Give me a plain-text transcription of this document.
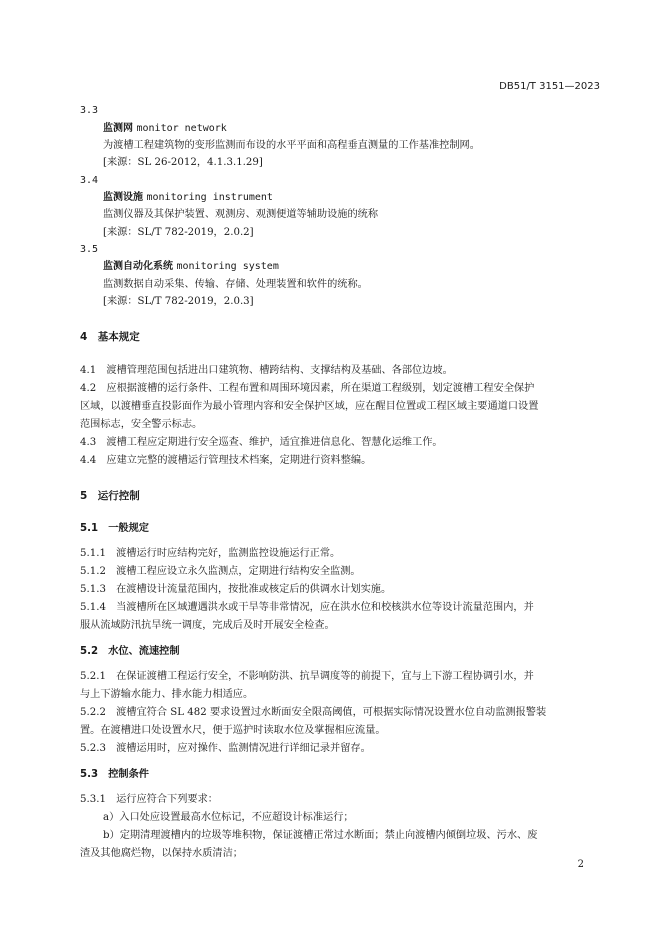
DB51/T 3151—2023
3.3
监测网 monitor network
为渡槽工程建筑物的变形监测而布设的水平平面和高程垂直测量的工作基准控制网。
[来源：SL 26-2012，4.1.3.1.29]
3.4
监测设施 monitoring instrument
监测仪器及其保护装置、观测房、观测便道等辅助设施的统称
[来源：SL/T 782-2019，2.0.2]
3.5
监测自动化系统 monitoring system
监测数据自动采集、传输、存储、处理装置和软件的统称。
[来源：SL/T 782-2019，2.0.3]
4　基本规定
4.1　渡槽管理范围包括进出口建筑物、槽跨结构、支撑结构及基础、各部位边坡。
4.2　应根据渡槽的运行条件、工程布置和周围环境因素，所在渠道工程级别，划定渡槽工程安全保护
区域，以渡槽垂直投影面作为最小管理内容和安全保护区域，应在醒目位置或工程区域主要通道口设置
范围标志，安全警示标志。
4.3　渡槽工程应定期进行安全巡查、维护，适宜推进信息化、智慧化运维工作。
4.4　应建立完整的渡槽运行管理技术档案，定期进行资料整编。
5　运行控制
5.1　一般规定
5.1.1　渡槽运行时应结构完好，监测监控设施运行正常。
5.1.2　渡槽工程应设立永久监测点，定期进行结构安全监测。
5.1.3　在渡槽设计流量范围内，按批准或核定后的供调水计划实施。
5.1.4　当渡槽所在区域遭遇洪水或干旱等非常情况，应在洪水位和校核洪水位等设计流量范围内，并
服从流域防汛抗旱统一调度，完成后及时开展安全检查。
5.2　水位、流速控制
5.2.1　在保证渡槽工程运行安全，不影响防洪、抗旱调度等的前提下，宜与上下游工程协调引水，并
与上下游输水能力、排水能力相适应。
5.2.2　渡槽宜符合 SL 482 要求设置过水断面安全限高阈值，可根据实际情况设置水位自动监测报警装
置。在渡槽进口处设置水尺，便于巡护时读取水位及掌握相应流量。
5.2.3　渡槽运用时，应对操作、监测情况进行详细记录并留存。
5.3　控制条件
5.3.1　运行应符合下列要求：
a）入口处应设置最高水位标记，不应超设计标准运行；
b）定期清理渡槽内的垃圾等堆积物，保证渡槽正常过水断面；禁止向渡槽内倾倒垃圾、污水、废
渣及其他腐烂物，以保持水质清洁；
2
